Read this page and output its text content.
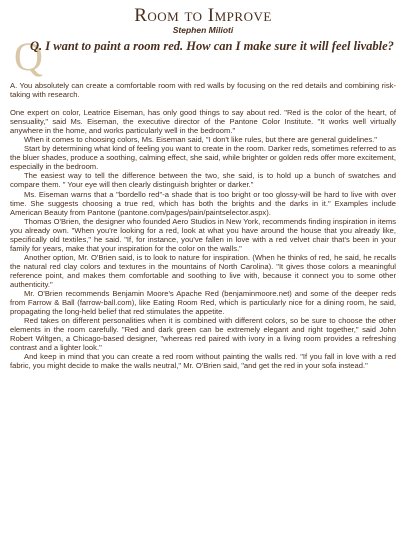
Room to Improve

Stephen Milioti

Q

Q. I want to paint a room red. How can I make sure it will feel livable?

A. You absolutely can create a comfortable room with red walls by focusing on the red details and combining risk-taking with research.

One expert on color, Leatrice Eiseman, has only good things to say about red. "Red is the color of the heart, of sensuality," said Ms. Eiseman, the executive director of the Pantone Color Institute. "It works well virtually anywhere in the home, and works particularly well in the bedroom."

When it comes to choosing colors, Ms. Eiseman said, "I don't like rules, but there are general guidelines."

Start by determining what kind of feeling you want to create in the room. Darker reds, sometimes referred to as the bluer shades, produce a soothing, calming effect, she said, while brighter or golden reds offer more excitement, especially in the bedroom.

The easiest way to tell the difference between the two, she said, is to hold up a bunch of swatches and compare them. " Your eye will then clearly distinguish brighter or darker."

Ms. Eiseman warns that a "bordello red"-a shade that is too bright or too glossy-will be hard to live with over time. She suggests choosing a true red, which has both the brights and the darks in it." Examples include American Beauty from Pantone (pantone.com/pages/pain/paintselector.aspx).

Thomas O'Brien, the designer who founded Aero Studios in New York, recommends finding inspiration in items you already own. "When you're looking for a red, look at what you have around the house that you already like, specifically old textiles," he said. "If, for instance, you've fallen in love with a red velvet chair that's been in your family for years, make that your inspiration for the color on the walls."

Another option, Mr. O'Brien said, is to look to nature for inspiration. (When he thinks of red, he said, he recalls the natural red clay colors and textures in the mountains of North Carolina). "It gives those colors a meaningful reference point, and makes them comfortable and soothing to live with, because it connect you to some other authenticity."

Mr. O'Brien recommends Benjamin Moore's Apache Red (benjaminmoore.net) and some of the deeper reds from Farrow & Ball (farrow-ball.com), like Eating Room Red, which is particularly nice for a dining room, he said, propagating the long-held belief that red stimulates the appetite.

Red takes on different personalities when it is combined with different colors, so be sure to choose the other elements in the room carefully. "Red and dark green can be extremely elegant and right together," said John Robert Wiltgen, a Chicago-based designer, "whereas red paired with ivory in a living room provides a refreshing contrast and a lighter look."

And keep in mind that you can create a red room without painting the walls red. "If you fall in love with a red fabric, you might decide to make the walls neutral," Mr. O'Brien said, "and get the red in your sofa instead."
